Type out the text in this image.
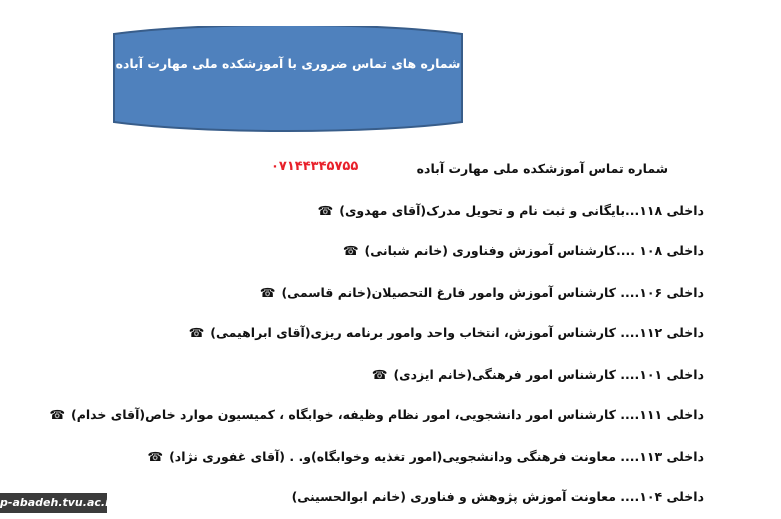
شماره های تماس ضروری با آموزشکده ملی مهارت آباده
شماره تماس آموزشکده ملی مهارت آباده
۰۷۱۴۴۳۴۵۷۵۵
داخلی ۱۱۸...بایگانی و ثبت نام و تحویل مدرک(آقای مهدوی)☎
داخلی ۱۰۸ ....کارشناس آموزش وفناوری (خانم شبانی)☎
داخلی ۱۰۶.... کارشناس آموزش وامور فارغ التحصیلان(خانم قاسمی)☎
داخلی ۱۱۲.... کارشناس آموزش، انتخاب واحد وامور برنامه ریزی(آقای ابراهیمی)☎
داخلی ۱۰۱.... کارشناس امور فرهنگی(خانم ایزدی)☎
داخلی ۱۱۱.... کارشناس امور دانشجویی، امور نظام وظیفه، خوابگاه ، کمیسیون موارد خاص(آقای خدام)☎
داخلی ۱۱۳.... معاونت فرهنگی ودانشجویی(امور تغذیه وخوابگاه)و. . (آقای غفوری نژاد)☎
داخلی ۱۰۴.... معاونت آموزش پژوهش و فناوری (خانم ابوالحسینی)
p-abadeh.tvu.ac.ir
